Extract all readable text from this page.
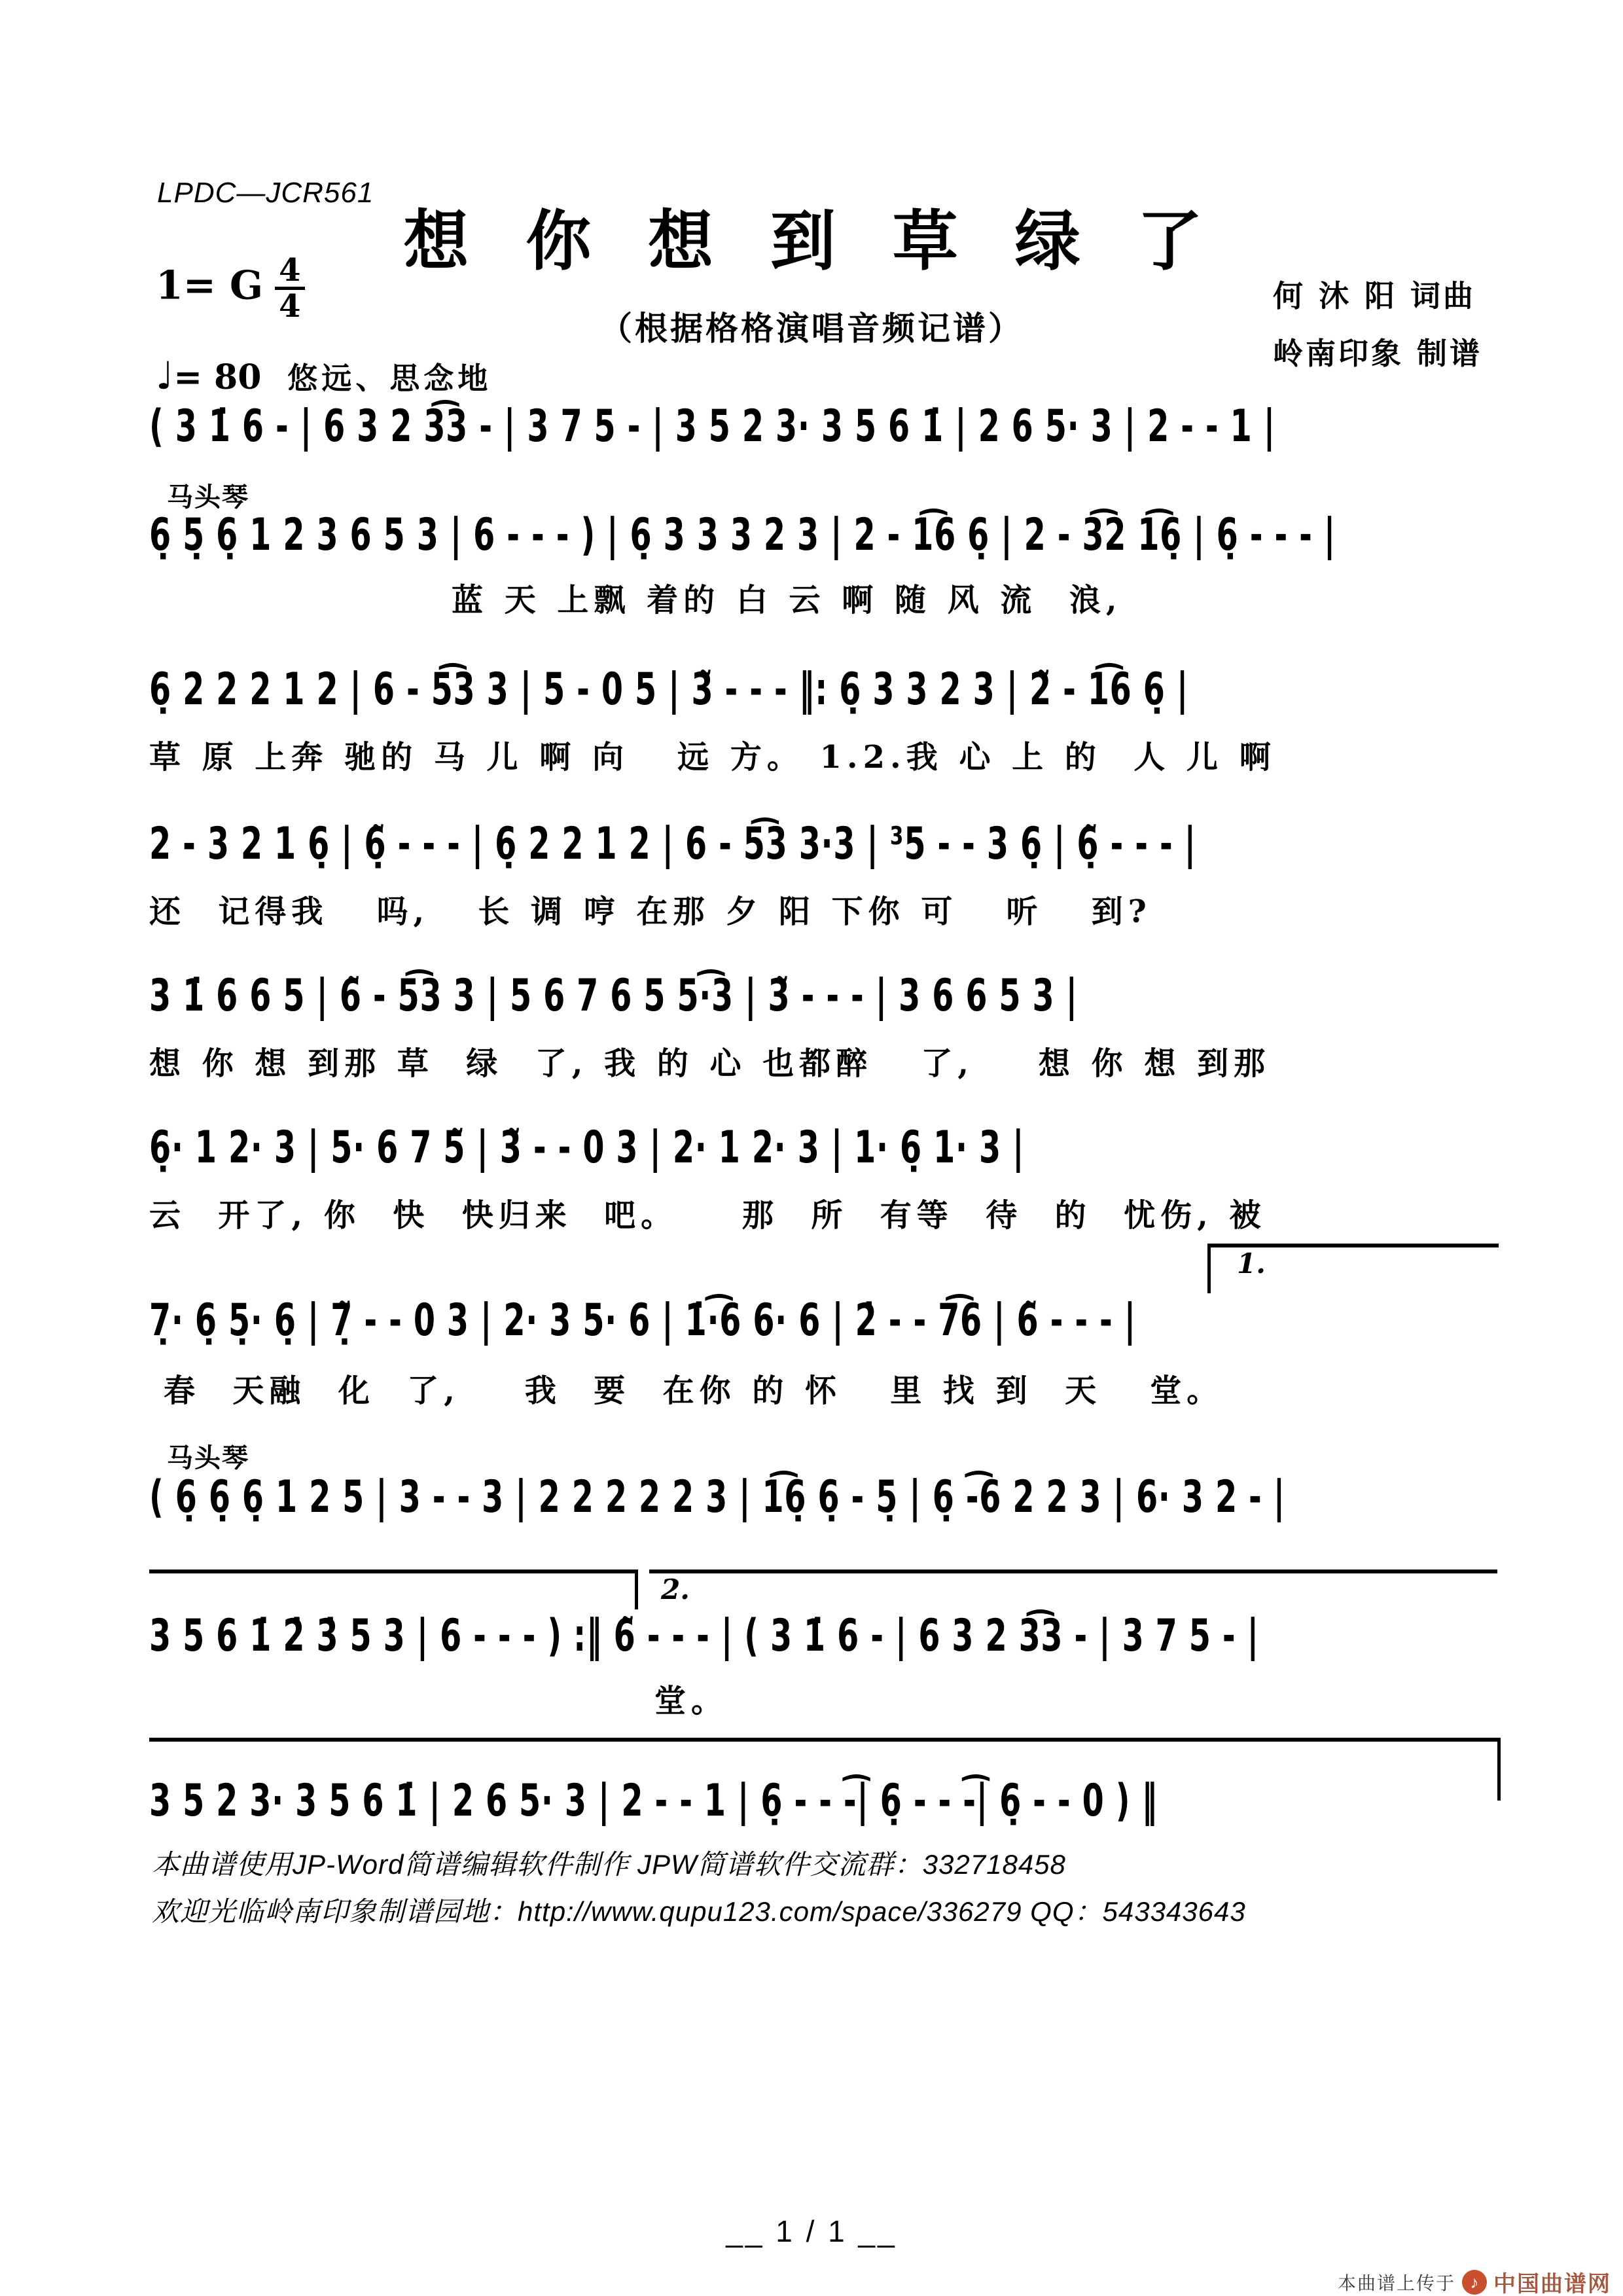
LPDC—JCR561
想 你 想 到 草 绿 了
（根据格格演唱音频记谱）
1= G $\frac{4}{4}$
♩= 80 悠远、思念地
何 沐 阳 词曲
岭南印象 制谱
( 3 1̇ 6 - | 6 3 2 3͡3 - | 3 7 5 - | 3 5 2 3· 3 5 6 1̇ | 2 6 5· 3 | 2 - - 1 |
马头琴
6̣ 5̣ 6̣ 1 2 3 6 5 3 | 6 - - - ) | 6̣ 3 3 3 2 3 | 2 - 1͡6 6̣ | 2 - 3͡2 1͡6̣ | 6̣ - - - |
蓝 天 上飘 着的 白 云 啊 随 风 流  浪,
6̣ 2 2 2 1 2 | 6 - 5͡3 3 | 5 - 0 5 | 3̃ - - - ‖: 6̣ 3 3 2 3 | 2̃ - 1͡6 6̣ |
草 原 上奔 驰的 马 儿 啊 向   远 方。 1.2.我 心 上 的  人 儿 啊
2 - 3 2 1 6̣ | 6̣̃ - - - | 6̣ 2 2 1 2 | 6 - 5͡3 3·3 | ³5 - - 3 6̣ | 6̣̃ - - - |
还  记得我   吗,   长 调 哼 在那 夕 阳 下你 可   听   到?
3 1̇ 6 6 5 | 6̃ - 5͡3 3 | 5 6 7 6 5 5·͡3 | 3̃ - - - | 3 6 6 5 3 |
想 你 想 到那 草  绿  了, 我 的 心 也都醉   了,    想 你 想 到那
6̣· 1 2· 3 | 5· 6 7 5̃ | 3̃ - - 0 3 | 2· 1 2· 3 | 1· 6̣ 1· 3 |
云  开了, 你  快  快归来  吧。    那  所  有等  待  的  忧伤, 被
1.
7̣· 6̣ 5̣· 6̣ | 7̣̃ - - 0 3 | 2· 3 5· 6 | 1̇·͡6 6· 6 | 2̇ - - 7͡6 | 6̃ - - - |
春  天融  化  了,    我  要  在你 的 怀   里 找 到  天   堂。
马头琴
( 6̣ 6̣ 6̣ 1 2 5 | 3 - - 3 | 2 2 2 2 2 3 | 1͡6̣ 6̣ - 5̣ | 6̣ -͡6 2 2 3 | 6· 3 2 - |
2.
3 5 6 1̇ 2̇ 3̇ 5 3 | 6 - - - ) :‖ 6̃ - - - | ( 3 1̇ 6 - | 6 3 2 3͡3 - | 3 7 5 - |
堂。
3 5 2 3· 3 5 6 1̇ | 2 6 5· 3 | 2 - - 1 | 6̣ - - -͡| 6̣ - - -͡| 6̣ - - 0 ) ‖
本曲谱使用JP-Word简谱编辑软件制作 JPW简谱软件交流群：332718458
欢迎光临岭南印象制谱园地：http://www.qupu123.com/space/336279 QQ：543343643
__ 1 / 1 __
本曲谱上传于 ♪ 中国曲谱网
